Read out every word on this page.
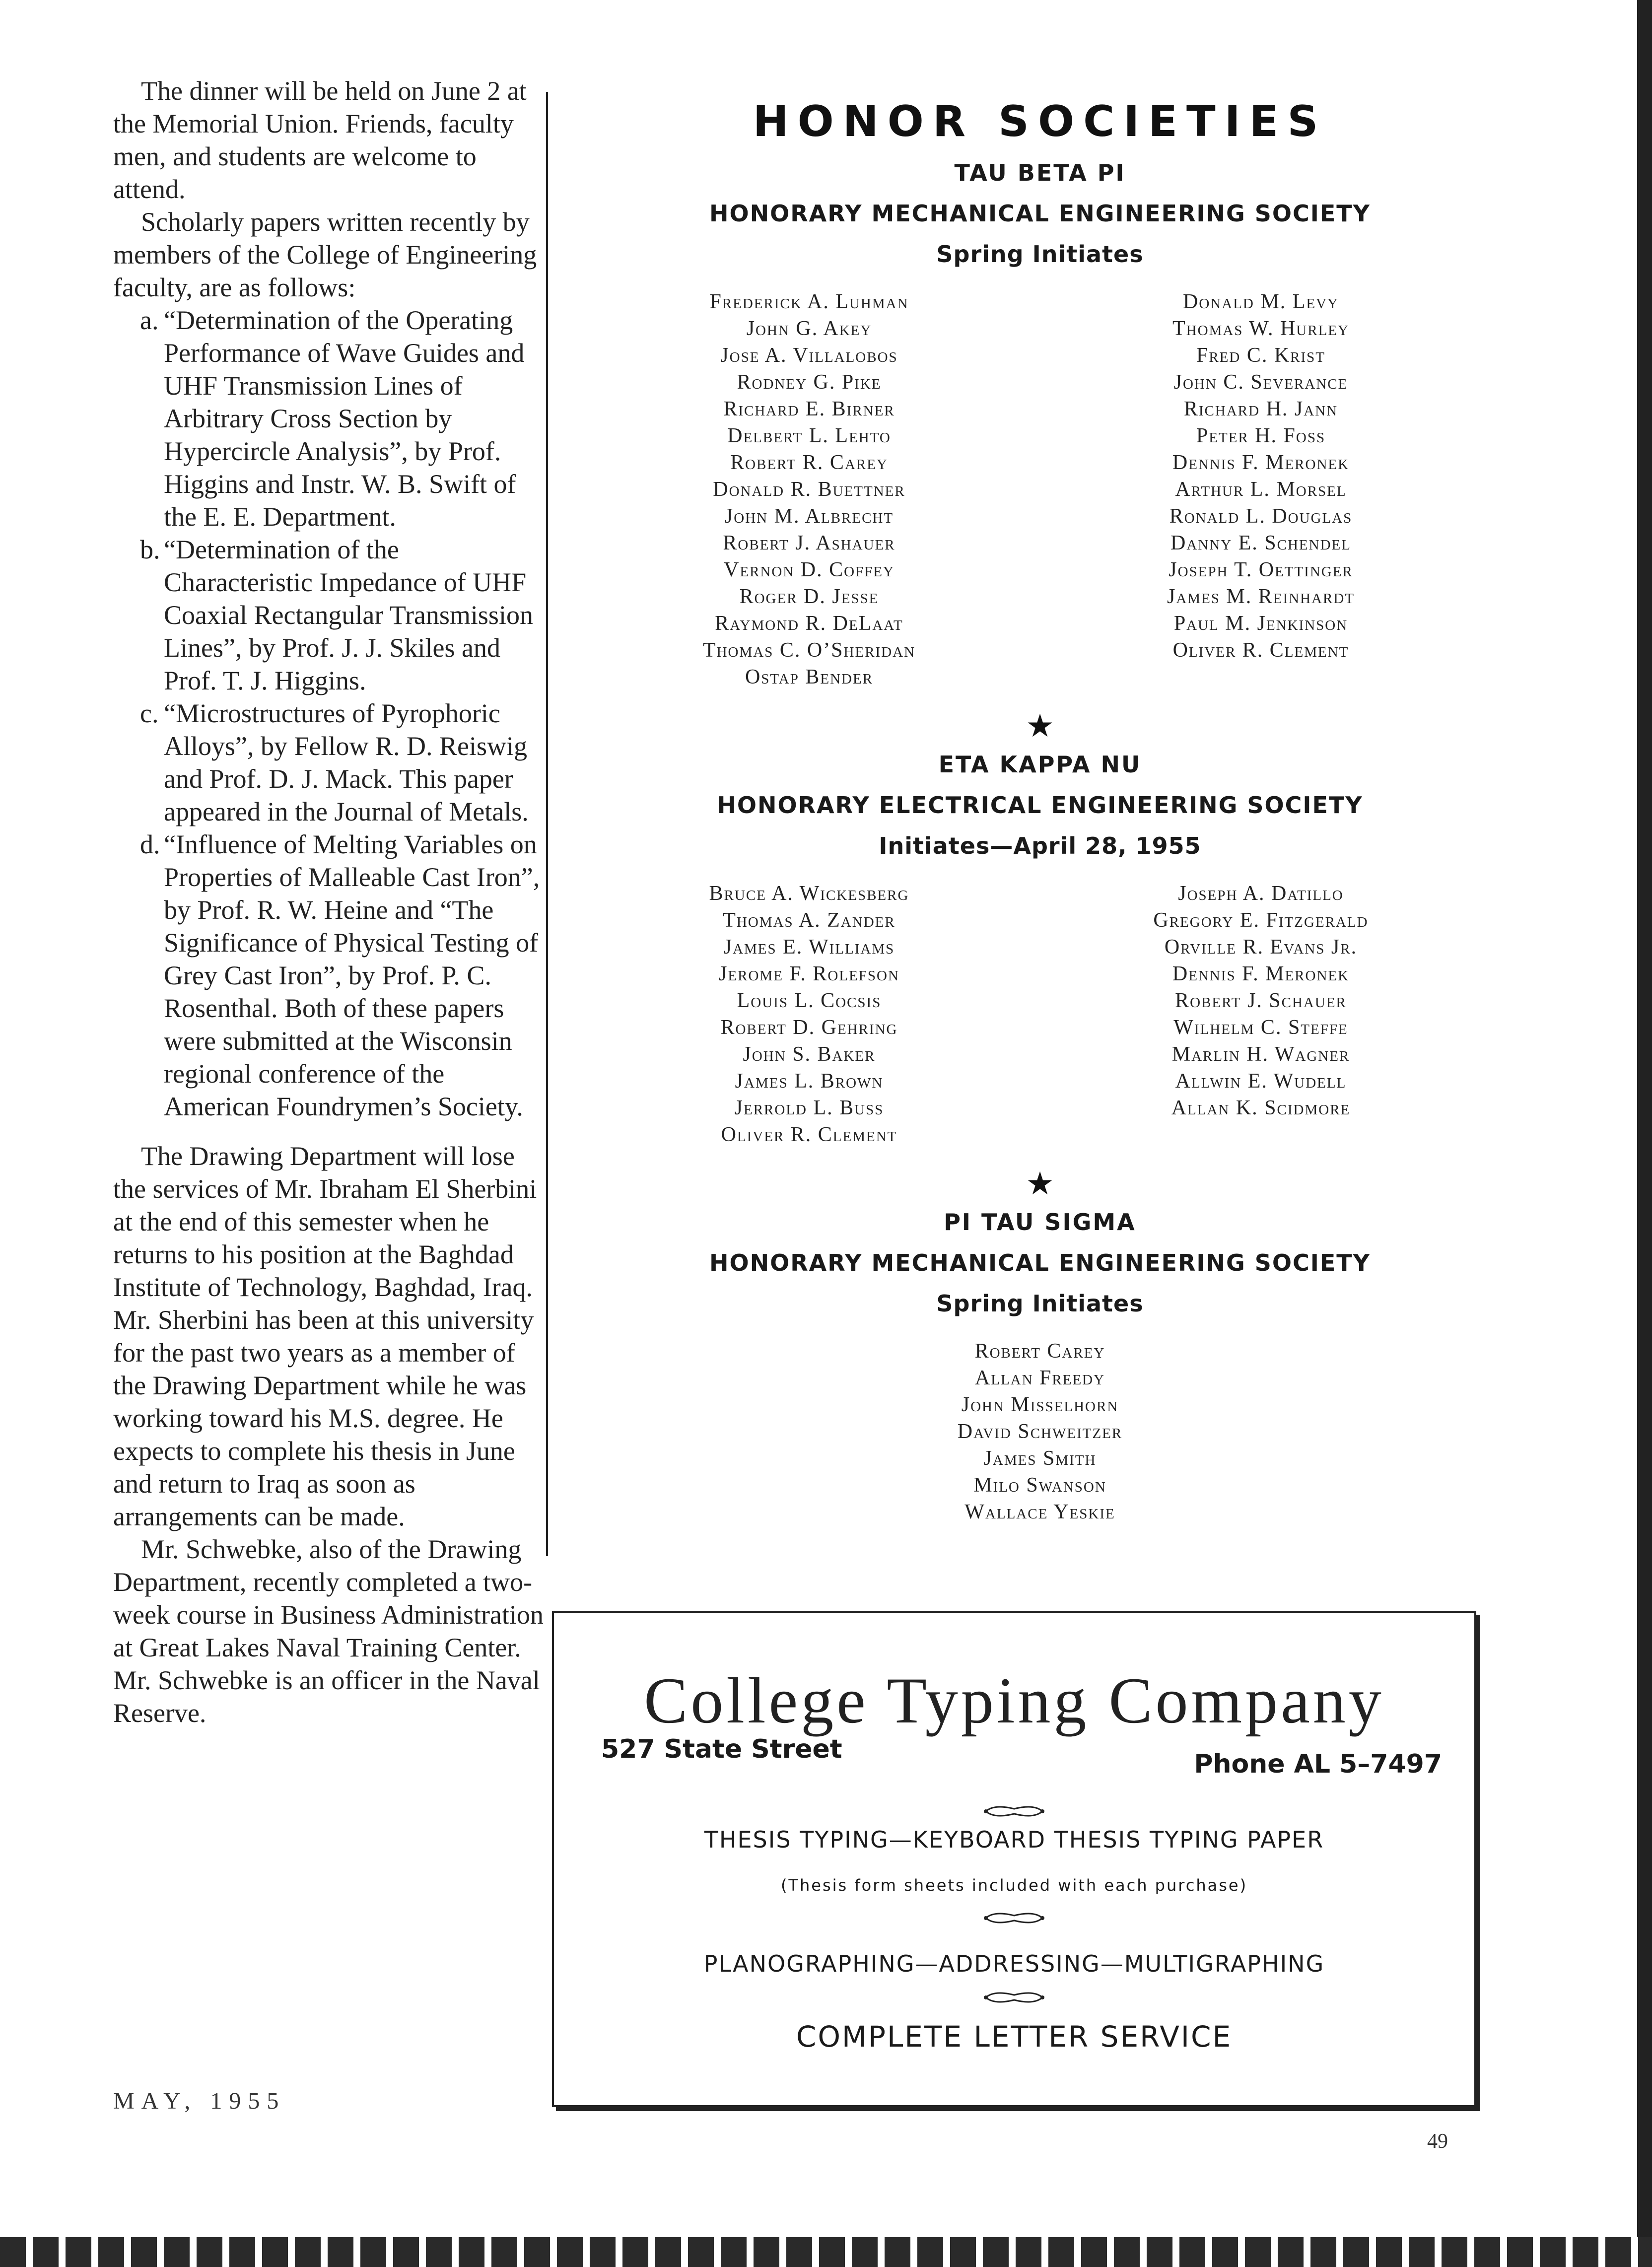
The dinner will be held on June 2 at the Memorial Union. Friends, faculty men, and students are welcome to attend.

Scholarly papers written recently by members of the College of Engineering faculty, are as follows:

a. “Determination of the Operating Performance of Wave Guides and UHF Transmission Lines of Arbitrary Cross Section by Hypercircle Analysis”, by Prof. Higgins and Instr. W. B. Swift of the E. E. Department.
b. “Determination of the Characteristic Impedance of UHF Coaxial Rectangular Transmission Lines”, by Prof. J. J. Skiles and Prof. T. J. Higgins.
c. “Microstructures of Pyrophoric Alloys”, by Fellow R. D. Reiswig and Prof. D. J. Mack. This paper appeared in the Journal of Metals.
d. “Influence of Melting Variables on Properties of Malleable Cast Iron”, by Prof. R. W. Heine and “The Significance of Physical Testing of Grey Cast Iron”, by Prof. P. C. Rosenthal. Both of these papers were submitted at the Wisconsin regional conference of the American Foundrymen’s Society.

The Drawing Department will lose the services of Mr. Ibraham El Sherbini at the end of this semester when he returns to his position at the Baghdad Institute of Technology, Baghdad, Iraq. Mr. Sherbini has been at this university for the past two years as a member of the Drawing Department while he was working toward his M.S. degree. He expects to complete his thesis in June and return to Iraq as soon as arrangements can be made.

Mr. Schwebke, also of the Drawing Department, recently completed a two-week course in Business Administration at Great Lakes Naval Training Center. Mr. Schwebke is an officer in the Naval Reserve.

MAY, 1955
49
HONOR SOCIETIES
TAU BETA PI
HONORARY MECHANICAL ENGINEERING SOCIETY
Spring Initiates
Frederick A. Luhman
John G. Akey
Jose A. Villalobos
Rodney G. Pike
Richard E. Birner
Delbert L. Lehto
Robert R. Carey
Donald R. Buettner
John M. Albrecht
Robert J. Ashauer
Vernon D. Coffey
Roger D. Jesse
Raymond R. DeLaat
Thomas C. O’Sheridan
Ostap Bender
Donald M. Levy
Thomas W. Hurley
Fred C. Krist
John C. Severance
Richard H. Jann
Peter H. Foss
Dennis F. Meronek
Arthur L. Morsel
Ronald L. Douglas
Danny E. Schendel
Joseph T. Oettinger
James M. Reinhardt
Paul M. Jenkinson
Oliver R. Clement
★
ETA KAPPA NU
HONORARY ELECTRICAL ENGINEERING SOCIETY
Initiates—April 28, 1955
Bruce A. Wickesberg
Thomas A. Zander
James E. Williams
Jerome F. Rolefson
Louis L. Cocsis
Robert D. Gehring
John S. Baker
James L. Brown
Jerrold L. Buss
Oliver R. Clement
Joseph A. Datillo
Gregory E. Fitzgerald
Orville R. Evans Jr.
Dennis F. Meronek
Robert J. Schauer
Wilhelm C. Steffe
Marlin H. Wagner
Allwin E. Wudell
Allan K. Scidmore
★
PI TAU SIGMA
HONORARY MECHANICAL ENGINEERING SOCIETY
Spring Initiates
Robert Carey
Allan Freedy
John Misselhorn
David Schweitzer
James Smith
Milo Swanson
Wallace Yeskie
College Typing Company
527 State Street	Phone AL 5–7497
THESIS TYPING—KEYBOARD THESIS TYPING PAPER
(Thesis form sheets included with each purchase)
PLANOGRAPHING—ADDRESSING—MULTIGRAPHING
COMPLETE LETTER SERVICE
